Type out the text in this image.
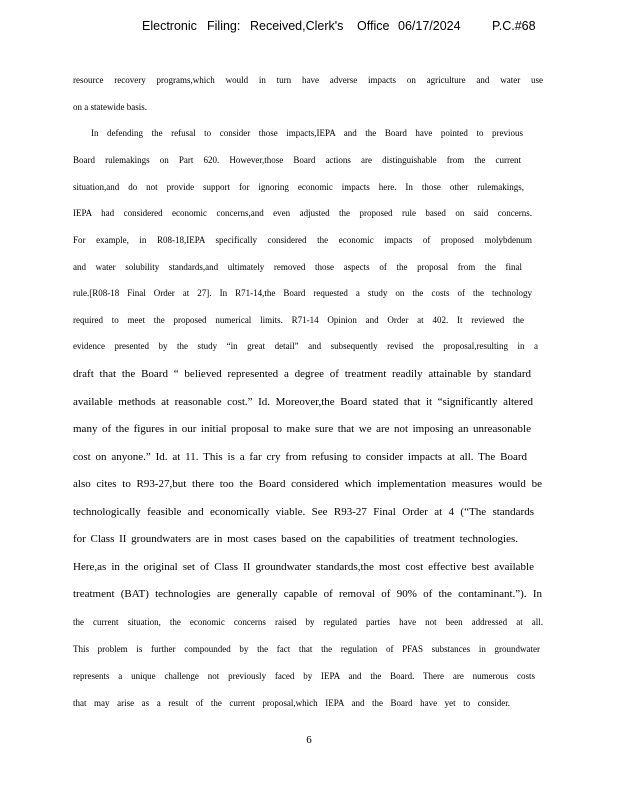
Electronic Filing: Received,Clerk's Office 06/17/2024	P.C.#68
resource recovery programs,which would in turn have adverse impacts on agriculture and water use
on a statewide basis.
In defending the refusal to consider those impacts,IEPA and the Board have pointed to previous
Board rulemakings on Part 620. However,those Board actions are distinguishable from the current
situation,and do not provide support for ignoring economic impacts here. In those other rulemakings,
IEPA had considered economic concerns,and even adjusted the proposed rule based on said concerns.
For example, in R08-18,IEPA specifically considered the economic impacts of proposed molybdenum
and water solubility standards,and ultimately removed those aspects of the proposal from the final
rule.[R08-18 Final Order at 27]. In R71-14,the Board requested a study on the costs of the technology
required to meet the proposed numerical limits. R71-14 Opinion and Order at 402. It reviewed the
evidence presented by the study “in great detail” and subsequently revised the proposal,resulting in a
draft that the Board “ believed represented a degree of treatment readily attainable by standard
available methods at reasonable cost.” Id. Moreover,the Board stated that it “significantly altered
many of the figures in our initial proposal to make sure that we are not imposing an unreasonable
cost on anyone.” Id. at 11. This is a far cry from refusing to consider impacts at all. The Board
also cites to R93-27,but there too the Board considered which implementation measures would be
technologically feasible and economically viable. See R93-27 Final Order at 4 (“The standards
for Class II groundwaters are in most cases based on the capabilities of treatment technologies.
Here,as in the original set of Class II groundwater standards,the most cost effective best available
treatment (BAT) technologies are generally capable of removal of 90% of the contaminant.”). In
the current situation, the economic concerns raised by regulated parties have not been addressed at all.
This problem is further compounded by the fact that the regulation of PFAS substances in groundwater
represents a unique challenge not previously faced by IEPA and the Board. There are numerous costs
that may arise as a result of the current proposal,which IEPA and the Board have yet to consider.
6
